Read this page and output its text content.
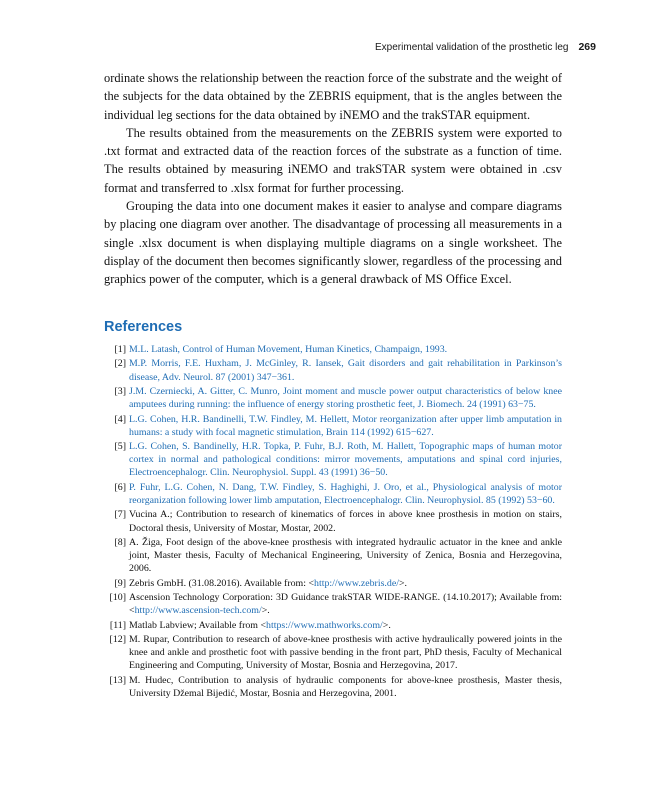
Experimental validation of the prosthetic leg 269

ordinate shows the relationship between the reaction force of the substrate and the weight of the subjects for the data obtained by the ZEBRIS equipment, that is the angles between the individual leg sections for the data obtained by iNEMO and the trakSTAR equipment.

The results obtained from the measurements on the ZEBRIS system were exported to .txt format and extracted data of the reaction forces of the substrate as a function of time. The results obtained by measuring iNEMO and trakSTAR system were obtained in .csv format and transferred to .xlsx format for further processing.

Grouping the data into one document makes it easier to analyse and compare diagrams by placing one diagram over another. The disadvantage of processing all measurements in a single .xlsx document is when displaying multiple diagrams on a single worksheet. The display of the document then becomes significantly slower, regardless of the processing and graphics power of the computer, which is a general drawback of MS Office Excel.

References
[1] M.L. Latash, Control of Human Movement, Human Kinetics, Champaign, 1993.
[2] M.P. Morris, F.E. Huxham, J. McGinley, R. Iansek, Gait disorders and gait rehabilitation in Parkinson’s disease, Adv. Neurol. 87 (2001) 347−361.
[3] J.M. Czerniecki, A. Gitter, C. Munro, Joint moment and muscle power output characteristics of below knee amputees during running: the influence of energy storing prosthetic feet, J. Biomech. 24 (1991) 63−75.
[4] L.G. Cohen, H.R. Bandinelli, T.W. Findley, M. Hellett, Motor reorganization after upper limb amputation in humans: a study with focal magnetic stimulation, Brain 114 (1992) 615−627.
[5] L.G. Cohen, S. Bandinelly, H.R. Topka, P. Fuhr, B.J. Roth, M. Hallett, Topographic maps of human motor cortex in normal and pathological conditions: mirror movements, amputations and spinal cord injuries, Electroencephalogr. Clin. Neurophysiol. Suppl. 43 (1991) 36−50.
[6] P. Fuhr, L.G. Cohen, N. Dang, T.W. Findley, S. Haghighi, J. Oro, et al., Physiological analysis of motor reorganization following lower limb amputation, Electroencephalogr. Clin. Neurophysiol. 85 (1992) 53−60.
[7] Vucina A.; Contribution to research of kinematics of forces in above knee prosthesis in motion on stairs, Doctoral thesis, University of Mostar, Mostar, 2002.
[8] A. Žiga, Foot design of the above-knee prosthesis with integrated hydraulic actuator in the knee and ankle joint, Master thesis, Faculty of Mechanical Engineering, University of Zenica, Bosnia and Herzegovina, 2006.
[9] Zebris GmbH. (31.08.2016). Available from: <http://www.zebris.de/>.
[10] Ascension Technology Corporation: 3D Guidance trakSTAR WIDE-RANGE. (14.10.2017); Available from: <http://www.ascension-tech.com/>.
[11] Matlab Labview; Available from <https://www.mathworks.com/>.
[12] M. Rupar, Contribution to research of above-knee prosthesis with active hydraulically powered joints in the knee and ankle and prosthetic foot with passive bending in the front part, PhD thesis, Faculty of Mechanical Engineering and Computing, University of Mostar, Bosnia and Herzegovina, 2017.
[13] M. Hudec, Contribution to analysis of hydraulic components for above-knee prosthesis, Master thesis, University Džemal Bijedić, Mostar, Bosnia and Herzegovina, 2001.
